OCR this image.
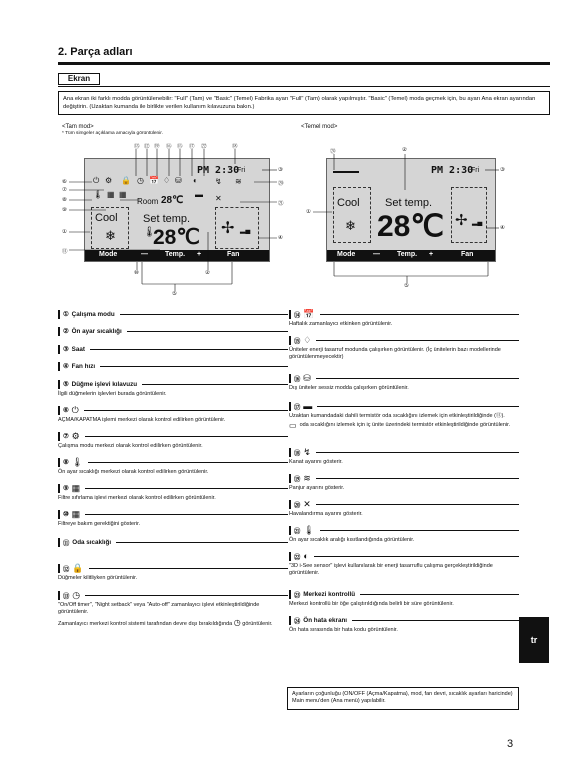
2. Parça adları
Ekran
Ana ekran iki farklı modda görüntülenebilir: "Full" (Tam) ve "Basic" (Temel) Fabrika ayarı "Full" (Tam) olarak yapılmıştır. "Basic" (Temel) moda geçmek için, bu ayarı Ana ekran ayarından değiştirin. (Uzaktan kumanda ile birlikte verilen kullanım kılavuzuna bakın.)
<Tam mod>
* Tüm simgeler açıklama amacıyla görüntülenir.
PM 2:30
Fri
⏻ ⚙ 🔒 ◷ 📅 ♢ ⛁ ◐ ↯ ≋
🌡 ▦ ▦	▬ ✕
Room 28℃
Cool
❄
Set temp.
🌡
28℃ ✢ ▂▄
Mode	— Temp. +	Fan
⑬ ⑫ ⑲ ⑯ ⑮ ⑰ ㉒	⑱
⑥
⑦
⑧
⑨
①
⑪
③
⑳
㉑
④
⑩	②
⑤
<Temel mod>
PM 2:30
Fri
Cool
❄
Set temp.
28℃ ✢ ▂▄
Mode	— Temp. +	Fan
㉔	②
③
①
④
⑤
① Çalışma modu
② Ön ayar sıcaklığı
③ Saat
④ Fan hızı
⑤ Düğme işlevi kılavuzu
İlgili düğmelerin işlevleri burada görüntülenir.
⑥ ⏻
AÇMA/KAPATMA işlemi merkezi olarak kontrol edilirken görüntülenir.
⑦ ⚙
Çalışma modu merkezi olarak kontrol edilirken görüntülenir.
⑧ 🌡
Ön ayar sıcaklığı merkezi olarak kontrol edilirken görüntülenir.
⑨ ▦
Filtre sıfırlama işlevi merkezi olarak kontrol edilirken görüntülenir.
⑩ ▦
Filtreye bakım gerektiğini gösterir.
⑪ Oda sıcaklığı
⑫ 🔒
Düğmeler kilitliyken görüntülenir.
⑬ ◷
"On/Off timer", "Night setback" veya "Auto-off" zamanlayıcı işlevi etkinleştirildiğinde görüntülenir.
Zamanlayıcı merkezi kontrol sistemi tarafından devre dışı bırakıldığında ◷ görüntülenir.
⑭ 📅
Haftalık zamanlayıcı etkinken görüntülenir.
⑮ ♢
Üniteler enerji tasarruf modunda çalışırken görüntülenir. (İç ünitelerin bazı modellerinde görüntülenmeyecektir)
⑯ ⛁
Dış üniteler sessiz modda çalışırken görüntülenir.
⑰ ▬
Uzaktan kumandadaki dahili termistör oda sıcaklığını izlemek için etkinleştirildiğinde (⑪).
▭ oda sıcaklığını izlemek için iç ünite üzerindeki termistör etkinleştirildiğinde görüntülenir.
⑱ ↯
Kanat ayarını gösterir.
⑲ ≋
Panjur ayarını gösterir.
⑳ ✕
Havalandırma ayarını gösterir.
㉑ 🌡
Ön ayar sıcaklık aralığı kısıtlandığında görüntülenir.
㉒ ◐
"3D i-See sensor" işlevi kullanılarak bir enerji tasarruflu çalışma gerçekleştirildiğinde görüntülenir.
㉓ Merkezi kontrollü
Merkezi kontrollü bir öğe çalıştırıldığında belirli bir süre görüntülenir.
㉔ Ön hata ekranı
Ön hata sırasında bir hata kodu görüntülenir.
Ayarların çoğunluğu (ON/OFF (Açma/Kapatma), mod, fan devri, sıcaklık ayarları haricinde) Main menu'den (Ana menü) yapılabilir.
tr
3
